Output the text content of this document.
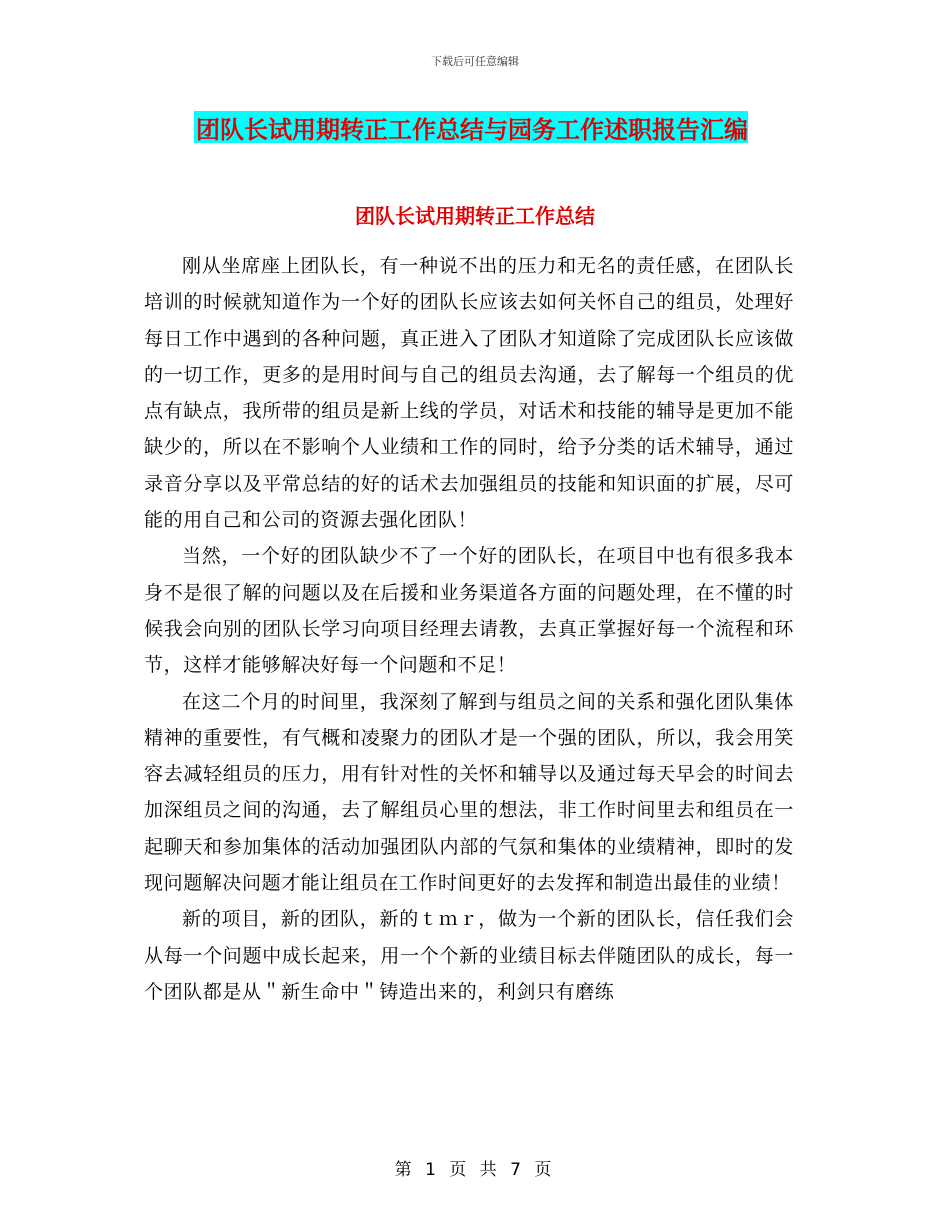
下载后可任意编辑
团队长试用期转正工作总结与园务工作述职报告汇编
团队长试用期转正工作总结

刚从坐席座上团队长，有一种说不出的压力和无名的责任感，在团队长培训的时候就知道作为一个好的团队长应该去如何关怀自己的组员，处理好每日工作中遇到的各种问题，真正进入了团队才知道除了完成团队长应该做的一切工作，更多的是用时间与自己的组员去沟通，去了解每一个组员的优点有缺点，我所带的组员是新上线的学员，对话术和技能的辅导是更加不能缺少的，所以在不影响个人业绩和工作的同时，给予分类的话术辅导，通过录音分享以及平常总结的好的话术去加强组员的技能和知识面的扩展，尽可能的用自己和公司的资源去强化团队！

当然，一个好的团队缺少不了一个好的团队长，在项目中也有很多我本身不是很了解的问题以及在后援和业务渠道各方面的问题处理，在不懂的时候我会向别的团队长学习向项目经理去请教，去真正掌握好每一个流程和环节，这样才能够解决好每一个问题和不足！

在这二个月的时间里，我深刻了解到与组员之间的关系和强化团队集体精神的重要性，有气概和凌聚力的团队才是一个强的团队，所以，我会用笑容去减轻组员的压力，用有针对性的关怀和辅导以及通过每天早会的时间去加深组员之间的沟通，去了解组员心里的想法，非工作时间里去和组员在一起聊天和参加集体的活动加强团队内部的气氛和集体的业绩精神，即时的发现问题解决问题才能让组员在工作时间更好的去发挥和制造出最佳的业绩！

新的项目，新的团队，新的ｔｍｒ，做为一个新的团队长，信任我们会从每一个问题中成长起来，用一个个新的业绩目标去伴随团队的成长，每一个团队都是从＂新生命中＂铸造出来的，利剑只有磨练

第 1 页 共 7 页
